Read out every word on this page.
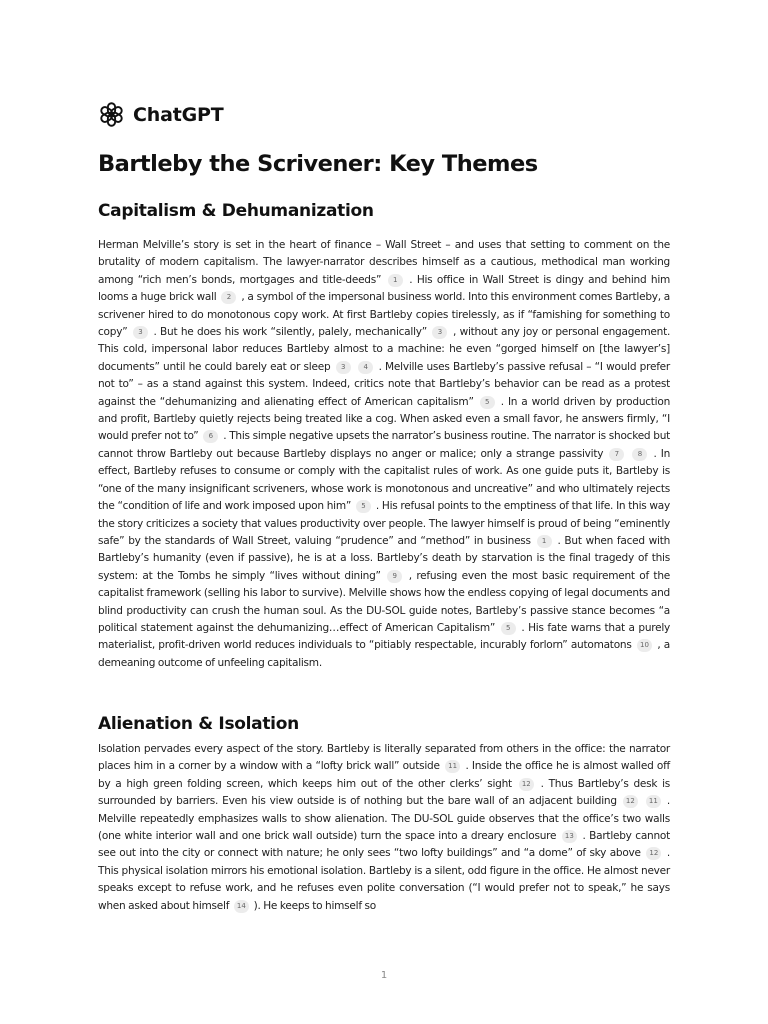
ChatGPT
Bartleby the Scrivener: Key Themes
Capitalism & Dehumanization

Herman Melville’s story is set in the heart of finance – Wall Street – and uses that setting to comment on the brutality of modern capitalism. The lawyer-narrator describes himself as a cautious, methodical man working among “rich men’s bonds, mortgages and title-deeds” 1 . His office in Wall Street is dingy and behind him looms a huge brick wall 2 , a symbol of the impersonal business world. Into this environment comes Bartleby, a scrivener hired to do monotonous copy work. At first Bartleby copies tirelessly, as if “famishing for something to copy” 3 . But he does his work “silently, palely, mechanically” 3 , without any joy or personal engagement. This cold, impersonal labor reduces Bartleby almost to a machine: he even “gorged himself on [the lawyer’s] documents” until he could barely eat or sleep 3	4 . Melville uses Bartleby’s passive refusal – “I would prefer not to” – as a stand against this system. Indeed, critics note that Bartleby’s behavior can be read as a protest against the “dehumanizing and alienating effect of American capitalism” 5 . In a world driven by production and profit, Bartleby quietly rejects being treated like a cog. When asked even a small favor, he answers firmly, “I would prefer not to” 6 . This simple negative upsets the narrator’s business routine. The narrator is shocked but cannot throw Bartleby out because Bartleby displays no anger or malice; only a strange passivity 7	8 . In effect, Bartleby refuses to consume or comply with the capitalist rules of work. As one guide puts it, Bartleby is “one of the many insignificant scriveners, whose work is monotonous and uncreative” and who ultimately rejects the “condition of life and work imposed upon him” 5 . His refusal points to the emptiness of that life. In this way the story criticizes a society that values productivity over people. The lawyer himself is proud of being “eminently safe” by the standards of Wall Street, valuing “prudence” and “method” in business 1 . But when faced with Bartleby’s humanity (even if passive), he is at a loss. Bartleby’s death by starvation is the final tragedy of this system: at the Tombs he simply “lives without dining” 9 , refusing even the most basic requirement of the capitalist framework (selling his labor to survive). Melville shows how the endless copying of legal documents and blind productivity can crush the human soul. As the DU-SOL guide notes, Bartleby’s passive stance becomes “a political statement against the dehumanizing…effect of American Capitalism” 5 . His fate warns that a purely materialist, profit-driven world reduces individuals to “pitiably respectable, incurably forlorn” automatons 10 , a demeaning outcome of unfeeling capitalism.

Alienation & Isolation

Isolation pervades every aspect of the story. Bartleby is literally separated from others in the office: the narrator places him in a corner by a window with a “lofty brick wall” outside 11 . Inside the office he is almost walled off by a high green folding screen, which keeps him out of the other clerks’ sight 12 . Thus Bartleby’s desk is surrounded by barriers. Even his view outside is of nothing but the bare wall of an adjacent building 12 11 . Melville repeatedly emphasizes walls to show alienation. The DU-SOL guide observes that the office’s two walls (one white interior wall and one brick wall outside) turn the space into a dreary enclosure 13 . Bartleby cannot see out into the city or connect with nature; he only sees “two lofty buildings” and “a dome” of sky above 12 . This physical isolation mirrors his emotional isolation. Bartleby is a silent, odd figure in the office. He almost never speaks except to refuse work, and he refuses even polite conversation (“I would prefer not to speak,” he says when asked about himself 14 ). He keeps to himself so

1
